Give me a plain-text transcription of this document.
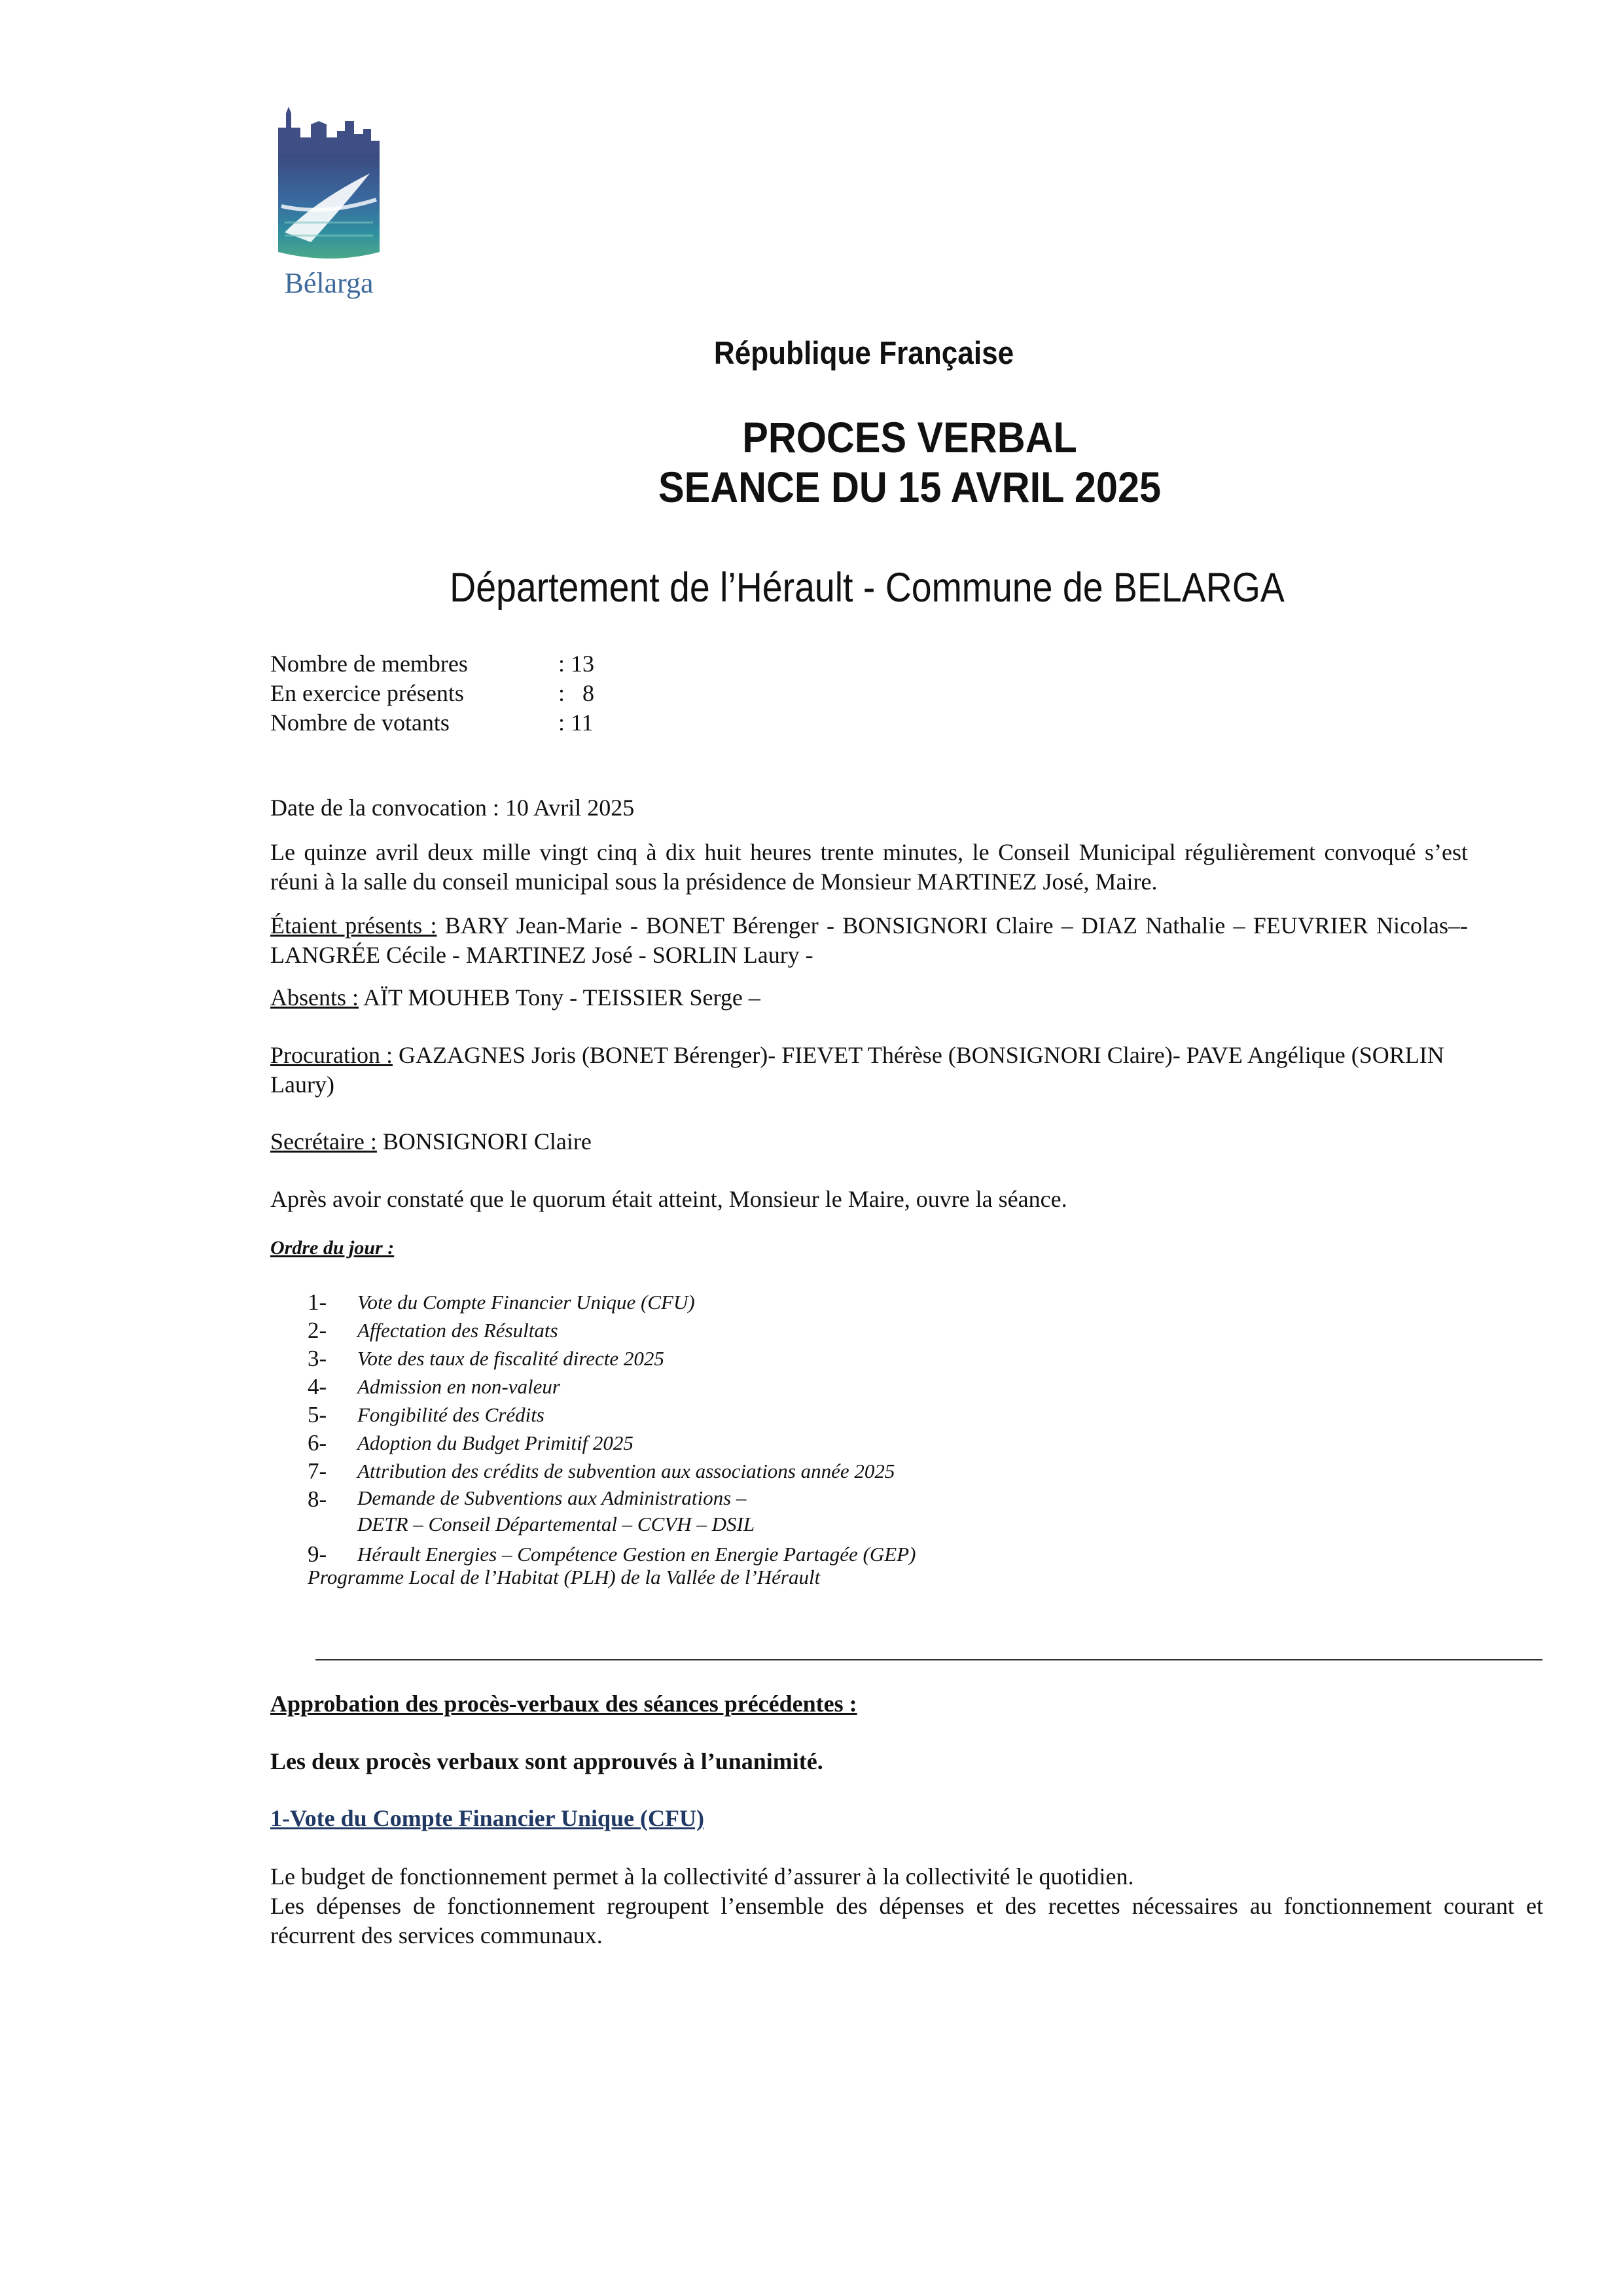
Bélarga
République Française
PROCES VERBAL
SEANCE DU 15 AVRIL 2025
Département de l’Hérault - Commune de BELARGA
Nombre de membres	: 13
En exercice présents	:   8
Nombre de votants	: 11
Date de la convocation : 10 Avril 2025
Le quinze avril deux mille vingt cinq à dix huit heures trente minutes, le Conseil Municipal régulièrement convoqué s’est réuni à la salle du conseil municipal sous la présidence de Monsieur MARTINEZ José, Maire.
Étaient présents : BARY Jean-Marie - BONET Bérenger - BONSIGNORI Claire – DIAZ Nathalie – FEUVRIER Nicolas–- LANGRÉE Cécile - MARTINEZ José - SORLIN Laury -
Absents : AÏT MOUHEB Tony - TEISSIER Serge –
Procuration : GAZAGNES Joris (BONET Bérenger)- FIEVET Thérèse (BONSIGNORI Claire)- PAVE Angélique (SORLIN Laury)
Secrétaire : BONSIGNORI Claire
Après avoir constaté que le quorum était atteint, Monsieur le Maire, ouvre la séance.
Ordre du jour :
1- Vote du Compte Financier Unique (CFU)
2- Affectation des Résultats
3- Vote des taux de fiscalité directe 2025
4- Admission en non-valeur
5- Fongibilité des Crédits
6- Adoption du Budget Primitif 2025
7- Attribution des crédits de subvention aux associations année 2025
8- Demande de Subventions aux Administrations –
DETR – Conseil Départemental – CCVH – DSIL
9- Hérault Energies – Compétence Gestion en Energie Partagée (GEP)
Programme Local de l’Habitat (PLH) de la Vallée de l’Hérault
Approbation des procès-verbaux des séances précédentes :
Les deux procès verbaux sont approuvés à l’unanimité.
1-Vote du Compte Financier Unique (CFU)
Le budget de fonctionnement permet à la collectivité d’assurer à la collectivité le quotidien.
Les dépenses de fonctionnement regroupent l’ensemble des dépenses et des recettes nécessaires au fonctionnement courant et récurrent des services communaux.
